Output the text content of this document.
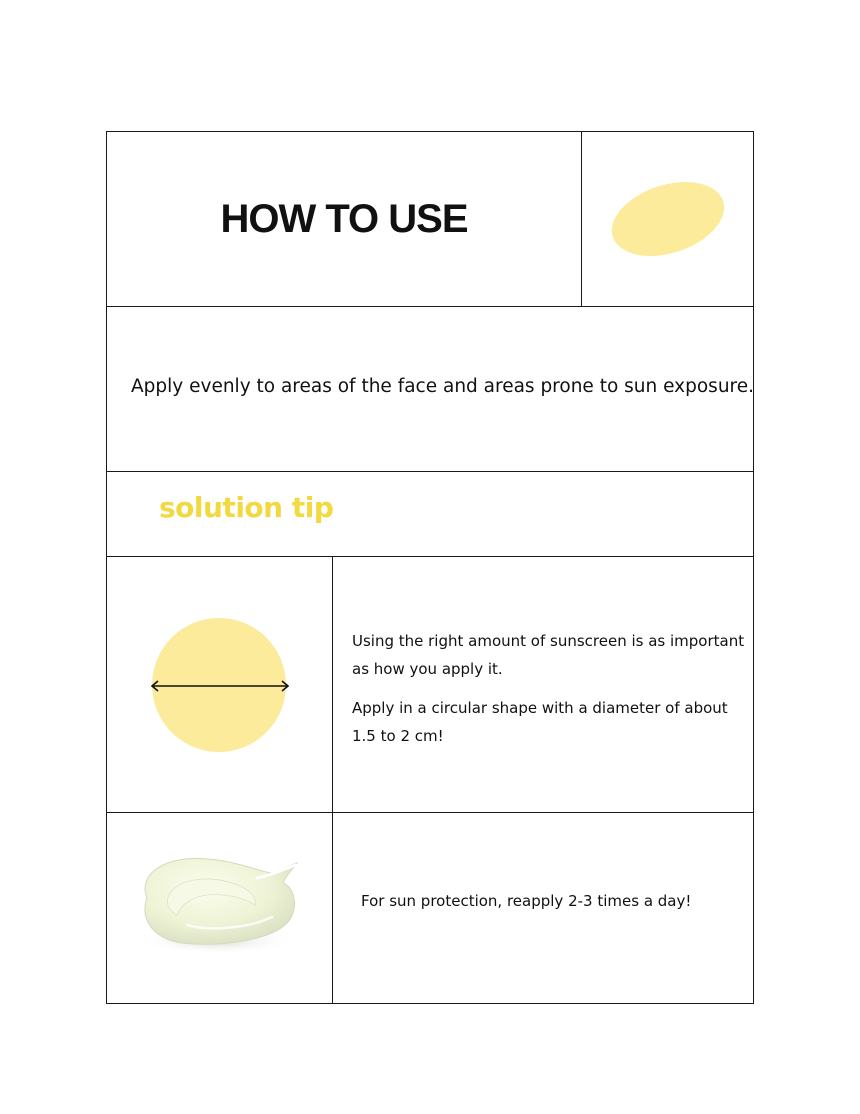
HOW TO USE
Apply evenly to areas of the face and areas prone to sun exposure.
solution tip

Using the right amount of sunscreen is as important as how you apply it.

Apply in a circular shape with a diameter of about 1.5 to 2 cm!

For sun protection, reapply 2-3 times a day!
